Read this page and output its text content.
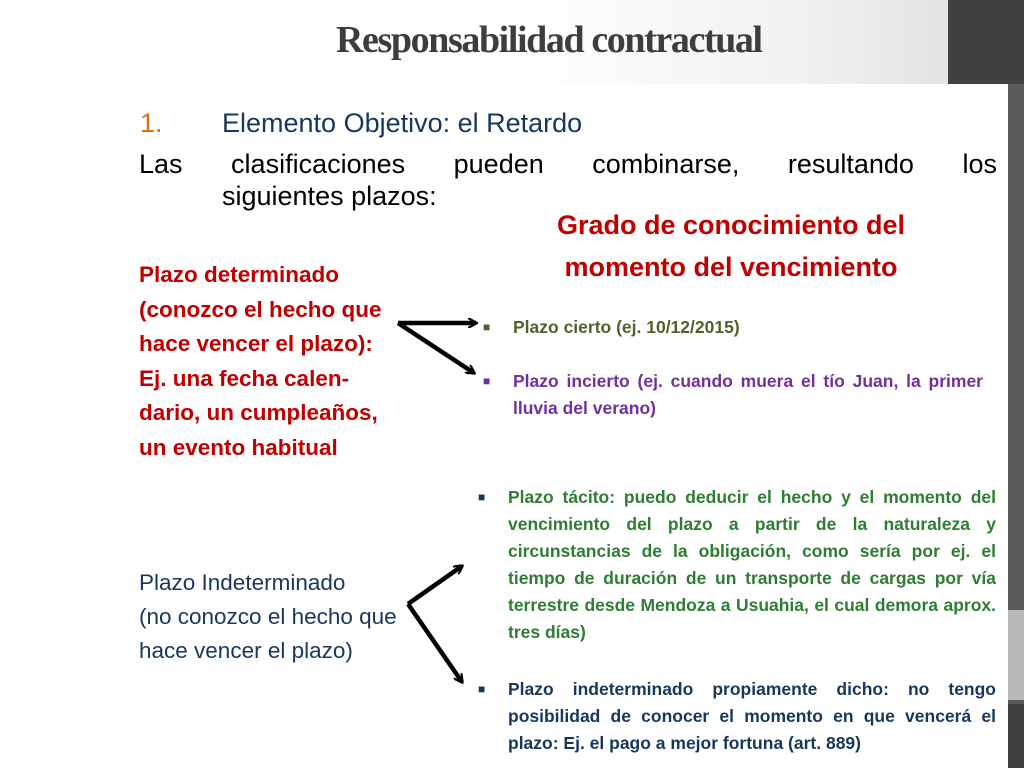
Responsabilidad contractual
1. Elemento Objetivo: el Retardo
Las clasificaciones pueden combinarse, resultando los
siguientes plazos:
Grado de conocimiento del
momento del vencimiento
Plazo determinado
(conozco el hecho que
hace vencer el plazo):
Ej. una fecha calen-
dario, un cumpleaños,
un evento habitual
Plazo Indeterminado
(no conozco el hecho que
hace vencer el plazo)
■	Plazo cierto (ej. 10/12/2015)
■	Plazo incierto (ej. cuando muera el tío Juan, la primer lluvia del verano)
■	Plazo tácito: puedo deducir el hecho y el momento del vencimiento del plazo a partir de la naturaleza y circunstancias de la obligación, como sería por ej. el tiempo de duración de un transporte de cargas por vía terrestre desde Mendoza a Usuahia, el cual demora aprox. tres días)
■	Plazo indeterminado propiamente dicho: no tengo posibilidad de conocer el momento en que vencerá el plazo: Ej. el pago a mejor fortuna (art. 889)
